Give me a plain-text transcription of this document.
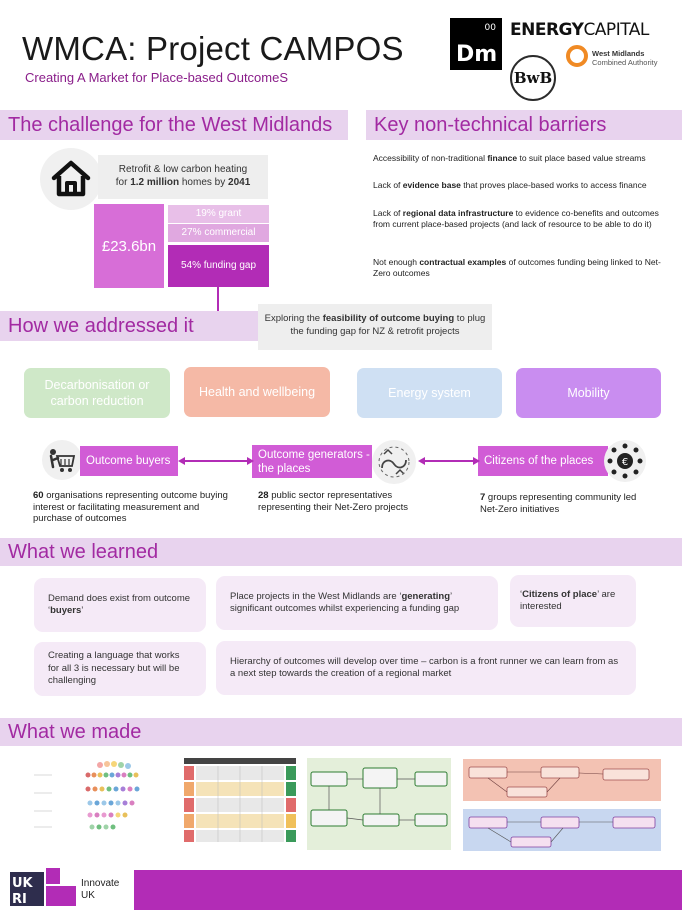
WMCA: Project CAMPOS
Creating A Market for Place-based OutcomeS
00
Dm
ENERGYCAPITAL
BwB
West Midlands
Combined Authority
The challenge for the West Midlands	Key non-technical barriers
Retrofit & low carbon heating
for 1.2 million homes by 2041
£23.6bn
19% grant
27% commercial
54% funding gap

Accessibility of non-traditional finance to suit place based value streams

Lack of evidence base that proves place-based works to access finance

Lack of regional data infrastructure to evidence co-benefits and outcomes from current place-based projects (and lack of resource to be able to do it)

Not enough contractual examples of outcomes funding being linked to Net-Zero outcomes

How we addressed it	Exploring the feasibility of outcome buying to plug the funding gap for NZ & retrofit projects
Decarbonisation or carbon reduction
Health and wellbeing	Energy system	Mobility
Outcome buyers
Outcome generators - the places
Citizens of the places	€
60 organisations representing outcome buying interest or facilitating measurement and purchase of outcomes
28 public sector representatives representing their Net-Zero projects
7 groups representing community led Net-Zero initiatives
What we learned
Demand does exist from outcome ‘buyers’
Place projects in the West Midlands are ‘generating’ significant outcomes whilst experiencing a funding gap
‘Citizens of place’ are interested
Creating a language that works for all 3 is necessary but will be challenging
Hierarchy of outcomes will develop over time – carbon is a front runner we can learn from as a next step towards the creation of a regional market
What we made
UK
RI
Innovate
UK
